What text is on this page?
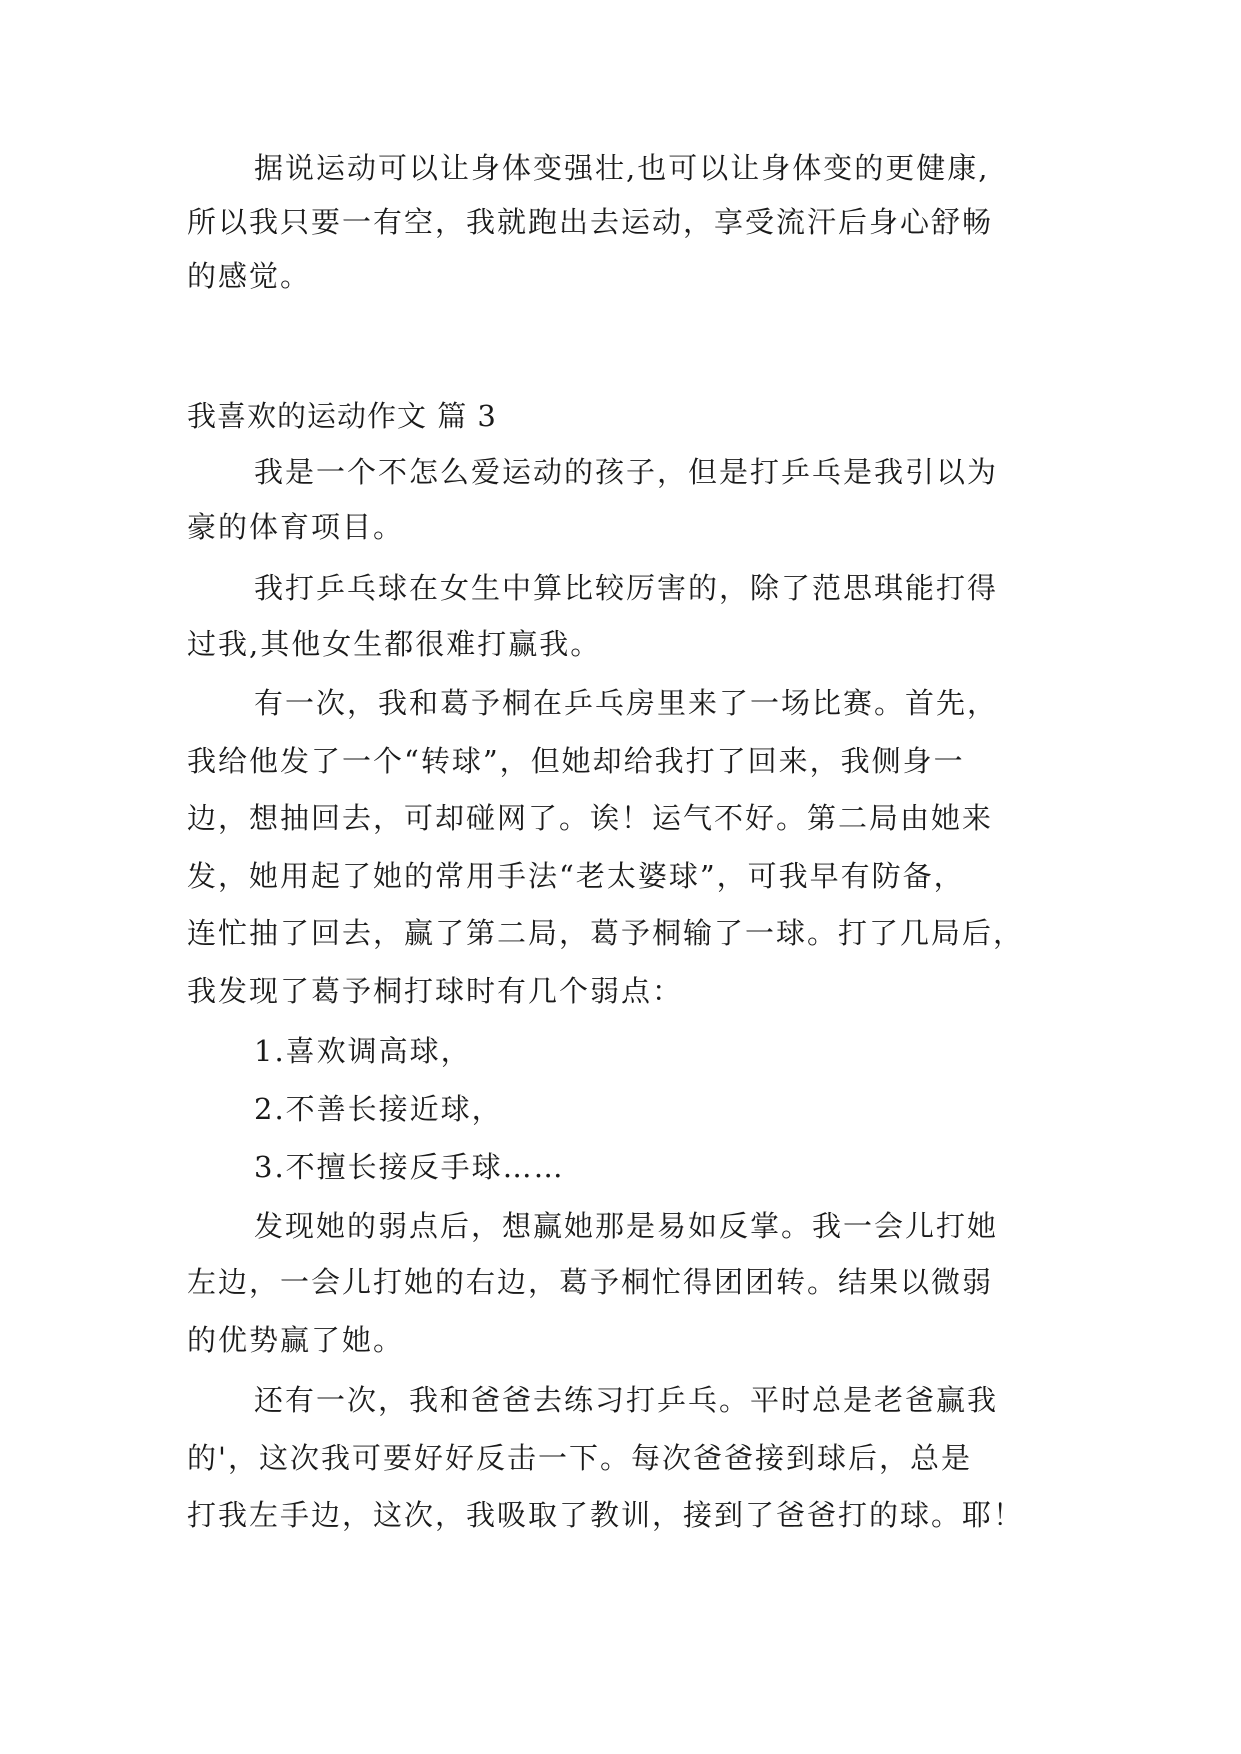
据说运动可以让身体变强壮,也可以让身体变的更健康,
所以我只要一有空，我就跑出去运动，享受流汗后身心舒畅
的感觉。
我喜欢的运动作文 篇 3
我是一个不怎么爱运动的孩子，但是打乒乓是我引以为
豪的体育项目。
我打乒乓球在女生中算比较厉害的，除了范思琪能打得
过我,其他女生都很难打赢我。
有一次，我和葛予桐在乒乓房里来了一场比赛。首先，
我给他发了一个“转球”，但她却给我打了回来，我侧身一
边，想抽回去，可却碰网了。诶！运气不好。第二局由她来
发，她用起了她的常用手法“老太婆球”，可我早有防备，
连忙抽了回去，赢了第二局，葛予桐输了一球。打了几局后，
我发现了葛予桐打球时有几个弱点：
1.喜欢调高球，
2.不善长接近球，
3.不擅长接反手球……
发现她的弱点后，想赢她那是易如反掌。我一会儿打她
左边，一会儿打她的右边，葛予桐忙得团团转。结果以微弱
的优势赢了她。
还有一次，我和爸爸去练习打乒乓。平时总是老爸赢我
的'，这次我可要好好反击一下。每次爸爸接到球后，总是
打我左手边，这次，我吸取了教训，接到了爸爸打的球。耶！
